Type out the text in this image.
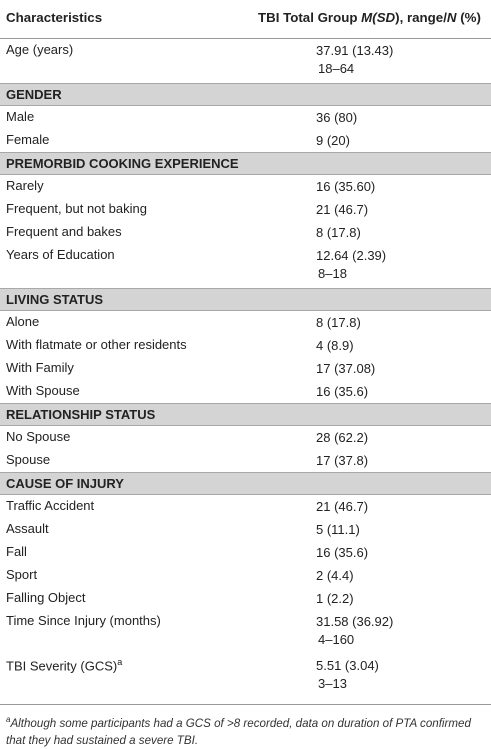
Characteristics	TBI Total Group M(SD), range/N (%)
Age (years)	37.91 (13.43)
18–64
GENDER
Male	36 (80)
Female	9 (20)
PREMORBID COOKING EXPERIENCE
Rarely	16 (35.60)
Frequent, but not baking	21 (46.7)
Frequent and bakes	8 (17.8)
Years of Education	12.64 (2.39)
8–18
LIVING STATUS
Alone	8 (17.8)
With flatmate or other residents	4 (8.9)
With Family	17 (37.08)
With Spouse	16 (35.6)
RELATIONSHIP STATUS
No Spouse	28 (62.2)
Spouse	17 (37.8)
CAUSE OF INJURY
Traffic Accident	21 (46.7)
Assault	5 (11.1)
Fall	16 (35.6)
Sport	2 (4.4)
Falling Object	1 (2.2)
Time Since Injury (months)	31.58 (36.92)
4–160
TBI Severity (GCS)$^a$	5.51 (3.04)
3–13
$^a$Although some participants had a GCS of >8 recorded, data on duration of PTA confirmed that they had sustained a severe TBI.
